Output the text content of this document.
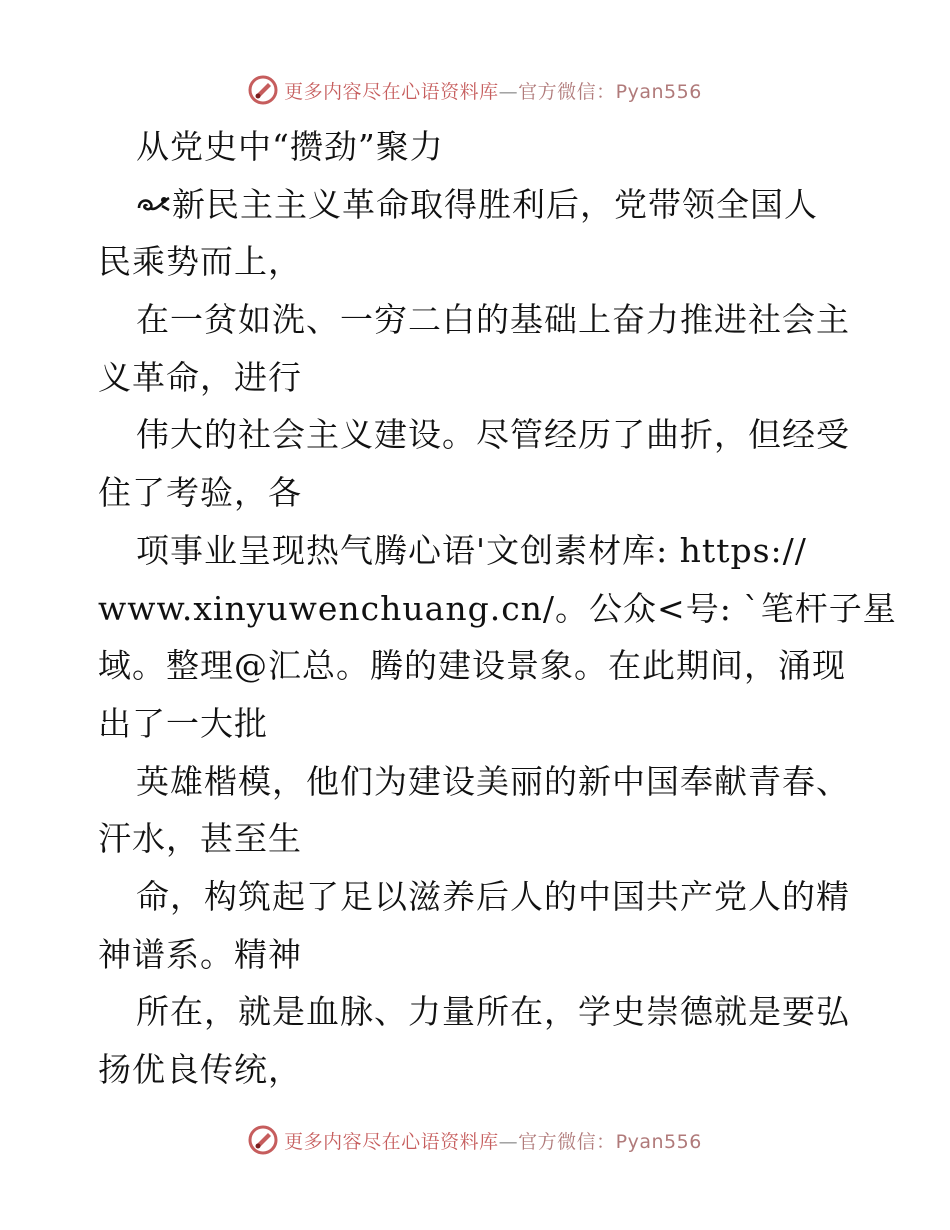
更多内容尽在心语资料库—官方微信：Pyan556
从党史中“攒劲”聚力
新民主主义革命取得胜利后，党带领全国人
民乘势而上，
在一贫如洗、一穷二白的基础上奋力推进社会主
义革命，进行
伟大的社会主义建设。尽管经历了曲折，但经受
住了考验，各
项事业呈现热气腾心语'文创素材库: https://
www.xinyuwenchuang.cn/。公众<号: `笔杆子星
域。整理@汇总。腾的建设景象。在此期间，涌现
出了一大批
英雄楷模，他们为建设美丽的新中国奉献青春、
汗水，甚至生
命，构筑起了足以滋养后人的中国共产党人的精
神谱系。精神
所在，就是血脉、力量所在，学史崇德就是要弘
扬优良传统，
更多内容尽在心语资料库—官方微信：Pyan556
